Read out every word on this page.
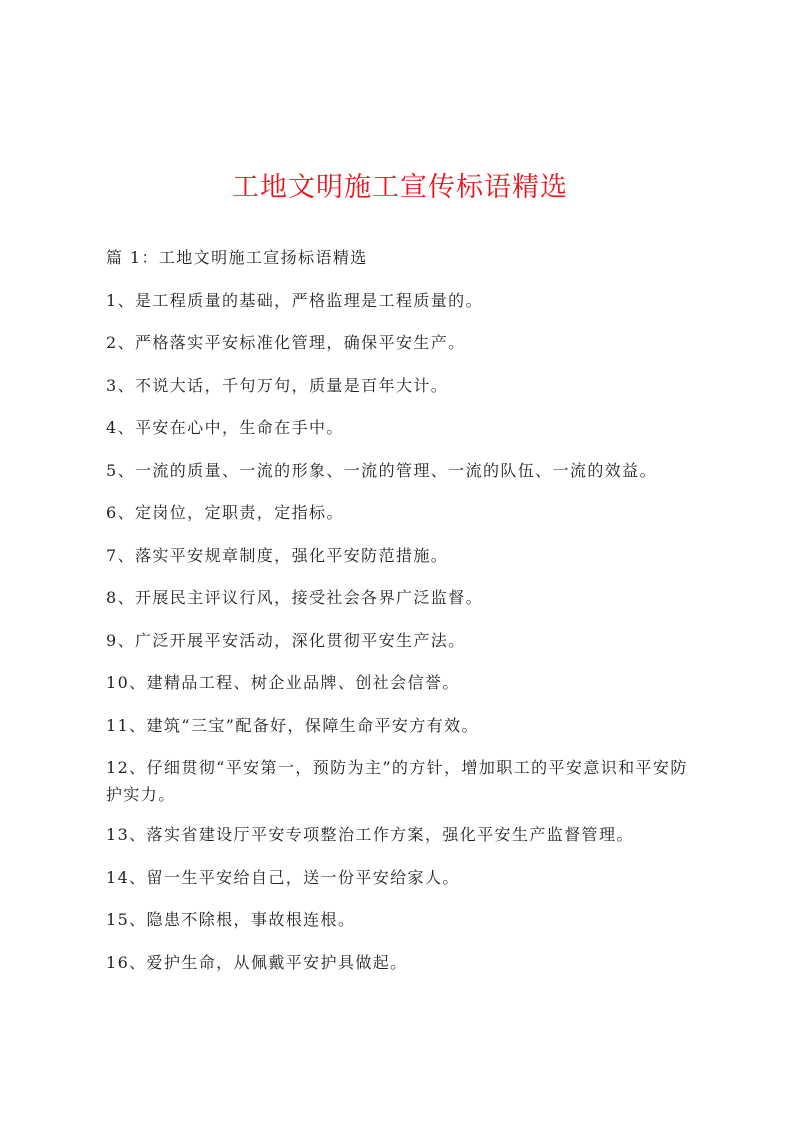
工地文明施工宣传标语精选

篇 1：工地文明施工宣扬标语精选

1、是工程质量的基础，严格监理是工程质量的。

2、严格落实平安标准化管理，确保平安生产。

3、不说大话，千句万句，质量是百年大计。

4、平安在心中，生命在手中。

5、一流的质量、一流的形象、一流的管理、一流的队伍、一流的效益。

6、定岗位，定职责，定指标。

7、落实平安规章制度，强化平安防范措施。

8、开展民主评议行风，接受社会各界广泛监督。

9、广泛开展平安活动，深化贯彻平安生产法。

10、建精品工程、树企业品牌、创社会信誉。

11、建筑“三宝”配备好，保障生命平安方有效。

12、仔细贯彻“平安第一，预防为主”的方针，增加职工的平安意识和平安防护实力。

13、落实省建设厅平安专项整治工作方案，强化平安生产监督管理。

14、留一生平安给自己，送一份平安给家人。

15、隐患不除根，事故根连根。

16、爱护生命，从佩戴平安护具做起。
